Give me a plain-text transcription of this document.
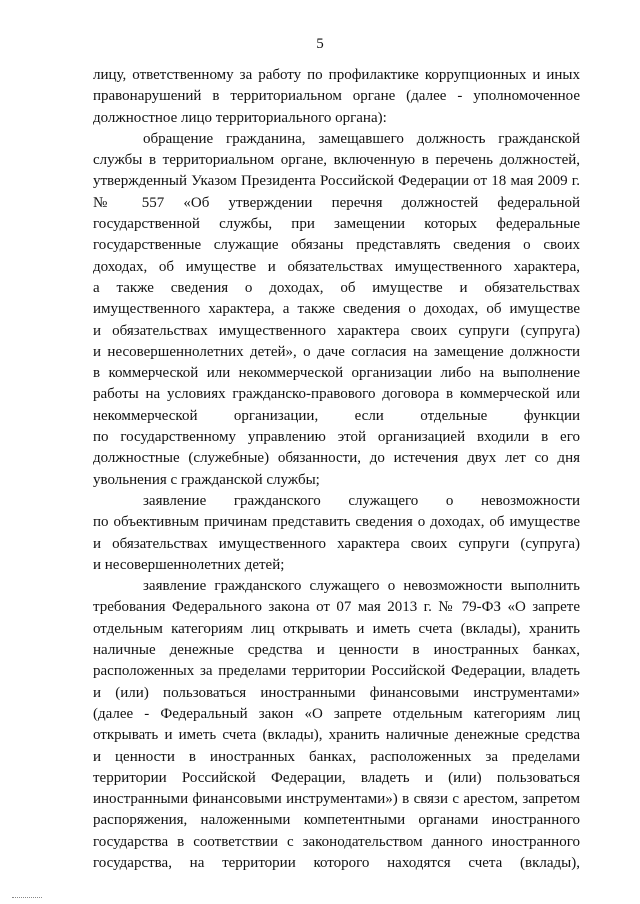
5
лицу, ответственному за работу по профилактике коррупционных и иных
правонарушений в территориальном органе (далее - уполномоченное
должностное лицо территориального органа):
обращение гражданина, замещавшего должность гражданской
службы в территориальном органе, включенную в перечень должностей,
утвержденный Указом Президента Российской Федерации от 18 мая 2009 г.
№ 557 «Об утверждении перечня должностей федеральной
государственной службы, при замещении которых федеральные
государственные служащие обязаны представлять сведения о своих
доходах, об имуществе и обязательствах имущественного характера,
а также сведения о доходах, об имуществе и обязательствах
имущественного характера, а также сведения о доходах, об имуществе
и обязательствах имущественного характера своих супруги (супруга)
и несовершеннолетних детей», о даче согласия на замещение должности
в коммерческой или некоммерческой организации либо на выполнение
работы на условиях гражданско-правового договора в коммерческой или
некоммерческой организации, если отдельные функции
по государственному управлению этой организацией входили в его
должностные (служебные) обязанности, до истечения двух лет со дня
увольнения с гражданской службы;
заявление гражданского служащего о невозможности
по объективным причинам представить сведения о доходах, об имуществе
и обязательствах имущественного характера своих супруги (супруга)
и несовершеннолетних детей;
заявление гражданского служащего о невозможности выполнить
требования Федерального закона от 07 мая 2013 г. № 79-ФЗ «О запрете
отдельным категориям лиц открывать и иметь счета (вклады), хранить
наличные денежные средства и ценности в иностранных банках,
расположенных за пределами территории Российской Федерации, владеть
и (или) пользоваться иностранными финансовыми инструментами»
(далее - Федеральный закон «О запрете отдельным категориям лиц
открывать и иметь счета (вклады), хранить наличные денежные средства
и ценности в иностранных банках, расположенных за пределами
территории Российской Федерации, владеть и (или) пользоваться
иностранными финансовыми инструментами») в связи с арестом, запретом
распоряжения, наложенными компетентными органами иностранного
государства в соответствии с законодательством данного иностранного
государства, на территории которого находятся счета (вклады),
